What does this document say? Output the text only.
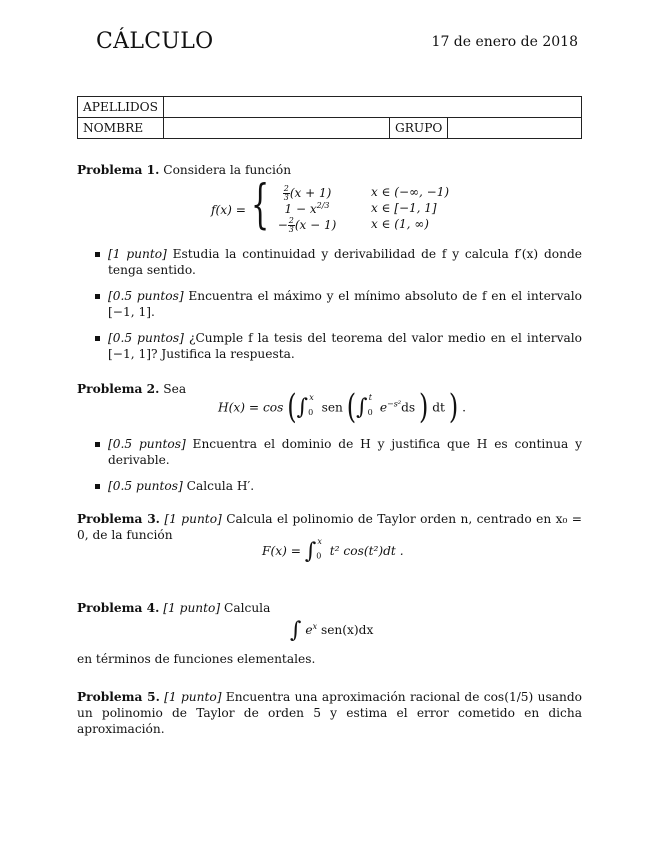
CÁLCULO	17 de enero de 2018
APELLIDOS			
NOMBRE		GRUPO	
Problema 1. Considera la función
f(x) = { $\frac{2}{3} (x + 1)$	x ∈ (−∞, −1)
$1 - x^{2/3}$	x ∈ [−1, 1]
− $\frac{2}{3} (x - 1)$	x ∈ (1, ∞)
[1 punto] Estudia la continuidad y derivabilidad de f y calcula f′(x) donde tenga sentido.
[0.5 puntos] Encuentra el máximo y el mínimo absoluto de f en el intervalo [−1, 1].
[0.5 puntos] ¿Cumple f la tesis del teorema del valor medio en el intervalo [−1, 1]? Justifica la respuesta.
Problema 2. Sea
$H(x) = \cos (\int_0^x$ sen ($\int_0^t$ $e^{-s^2}ds$ ) dt ) .
[0.5 puntos] Encuentra el dominio de H y justifica que H es continua y derivable.
[0.5 puntos] Calcula H′.
Problema 3. [1 punto] Calcula el polinomio de Taylor orden n, centrado en x₀ = 0, de la función
$F(x) = \int_0^x$ t² cos(t²)dt .
Problema 4. [1 punto] Calcula
∫ $e^x$ sen(x)dx
en términos de funciones elementales.
Problema 5. [1 punto] Encuentra una aproximación racional de cos(1/5) usando un polinomio de Taylor de orden 5 y estima el error cometido en dicha aproximación.
